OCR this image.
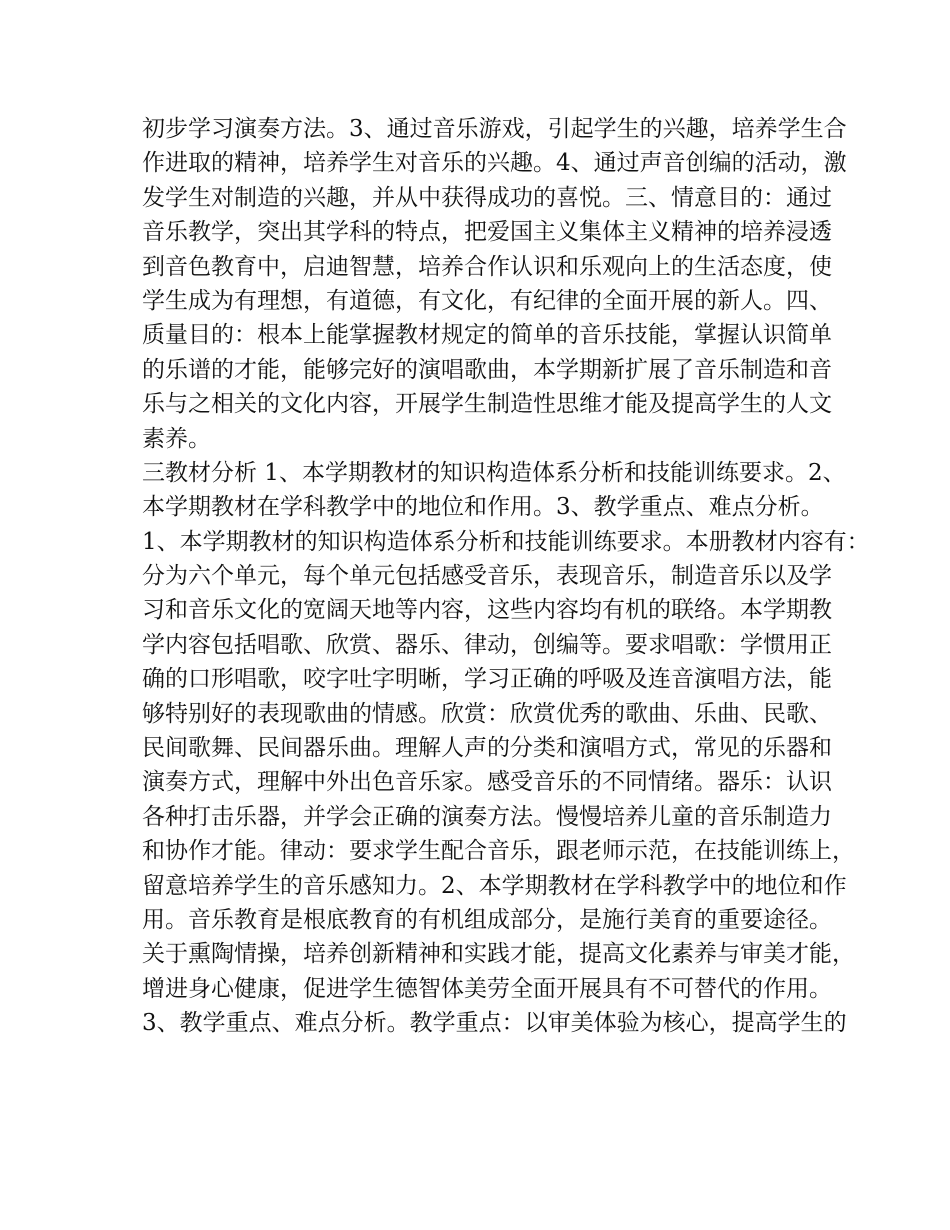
初步学习演奏方法。3、通过音乐游戏，引起学生的兴趣，培养学生合
作进取的精神，培养学生对音乐的兴趣。4、通过声音创编的活动，激
发学生对制造的兴趣，并从中获得成功的喜悦。三、情意目的：通过
音乐教学，突出其学科的特点，把爱国主义集体主义精神的培养浸透
到音色教育中，启迪智慧，培养合作认识和乐观向上的生活态度，使
学生成为有理想，有道德，有文化，有纪律的全面开展的新人。四、
质量目的：根本上能掌握教材规定的简单的音乐技能，掌握认识简单
的乐谱的才能，能够完好的演唱歌曲，本学期新扩展了音乐制造和音
乐与之相关的文化内容，开展学生制造性思维才能及提高学生的人文
素养。
三教材分析 1、本学期教材的知识构造体系分析和技能训练要求。2、
本学期教材在学科教学中的地位和作用。3、教学重点、难点分析。
1、本学期教材的知识构造体系分析和技能训练要求。本册教材内容有：
分为六个单元，每个单元包括感受音乐，表现音乐，制造音乐以及学
习和音乐文化的宽阔天地等内容，这些内容均有机的联络。本学期教
学内容包括唱歌、欣赏、器乐、律动，创编等。要求唱歌：学惯用正
确的口形唱歌，咬字吐字明晰，学习正确的呼吸及连音演唱方法，能
够特别好的表现歌曲的情感。欣赏：欣赏优秀的歌曲、乐曲、民歌、
民间歌舞、民间器乐曲。理解人声的分类和演唱方式，常见的乐器和
演奏方式，理解中外出色音乐家。感受音乐的不同情绪。器乐：认识
各种打击乐器，并学会正确的演奏方法。慢慢培养儿童的音乐制造力
和协作才能。律动：要求学生配合音乐，跟老师示范，在技能训练上，
留意培养学生的音乐感知力。2、本学期教材在学科教学中的地位和作
用。音乐教育是根底教育的有机组成部分，是施行美育的重要途径。
关于熏陶情操，培养创新精神和实践才能，提高文化素养与审美才能，
增进身心健康，促进学生德智体美劳全面开展具有不可替代的作用。
3、教学重点、难点分析。教学重点：以审美体验为核心，提高学生的
